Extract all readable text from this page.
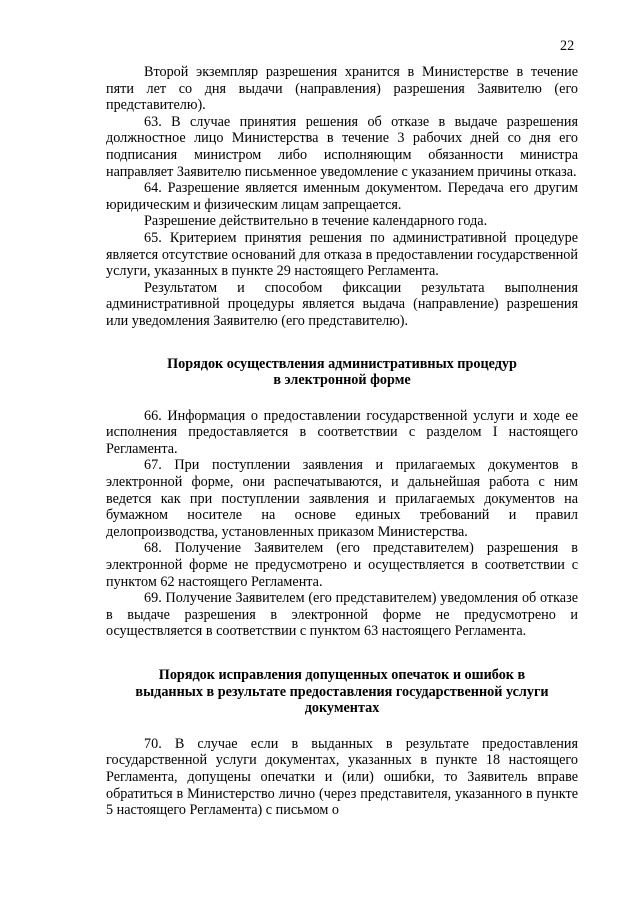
22

Второй экземпляр разрешения хранится в Министерстве в течение пяти лет со дня выдачи (направления) разрешения Заявителю (его представителю).

63. В случае принятия решения об отказе в выдаче разрешения должностное лицо Министерства в течение 3 рабочих дней со дня его подписания министром либо исполняющим обязанности министра направляет Заявителю письменное уведомление с указанием причины отказа.

64. Разрешение является именным документом. Передача его другим юридическим и физическим лицам запрещается.

Разрешение действительно в течение календарного года.

65. Критерием принятия решения по административной процедуре является отсутствие оснований для отказа в предоставлении государственной услуги, указанных в пункте 29 настоящего Регламента.

Результатом и способом фиксации результата выполнения административной процедуры является выдача (направление) разрешения или уведомления Заявителю (его представителю).

Порядок осуществления административных процедур
в электронной форме

66. Информация о предоставлении государственной услуги и ходе ее исполнения предоставляется в соответствии с разделом I настоящего Регламента.

67. При поступлении заявления и прилагаемых документов в электронной форме, они распечатываются, и дальнейшая работа с ним ведется как при поступлении заявления и прилагаемых документов на бумажном носителе на основе единых требований и правил делопроизводства, установленных приказом Министерства.

68. Получение Заявителем (его представителем) разрешения в электронной форме не предусмотрено и осуществляется в соответствии с пунктом 62 настоящего Регламента.

69. Получение Заявителем (его представителем) уведомления об отказе в выдаче разрешения в электронной форме не предусмотрено и осуществляется в соответствии с пунктом 63 настоящего Регламента.

Порядок исправления допущенных опечаток и ошибок в
выданных в результате предоставления государственной услуги
документах

70. В случае если в выданных в результате предоставления государственной услуги документах, указанных в пункте 18 настоящего Регламента, допущены опечатки и (или) ошибки, то Заявитель вправе обратиться в Министерство лично (через представителя, указанного в пункте 5 настоящего Регламента) с письмом о
